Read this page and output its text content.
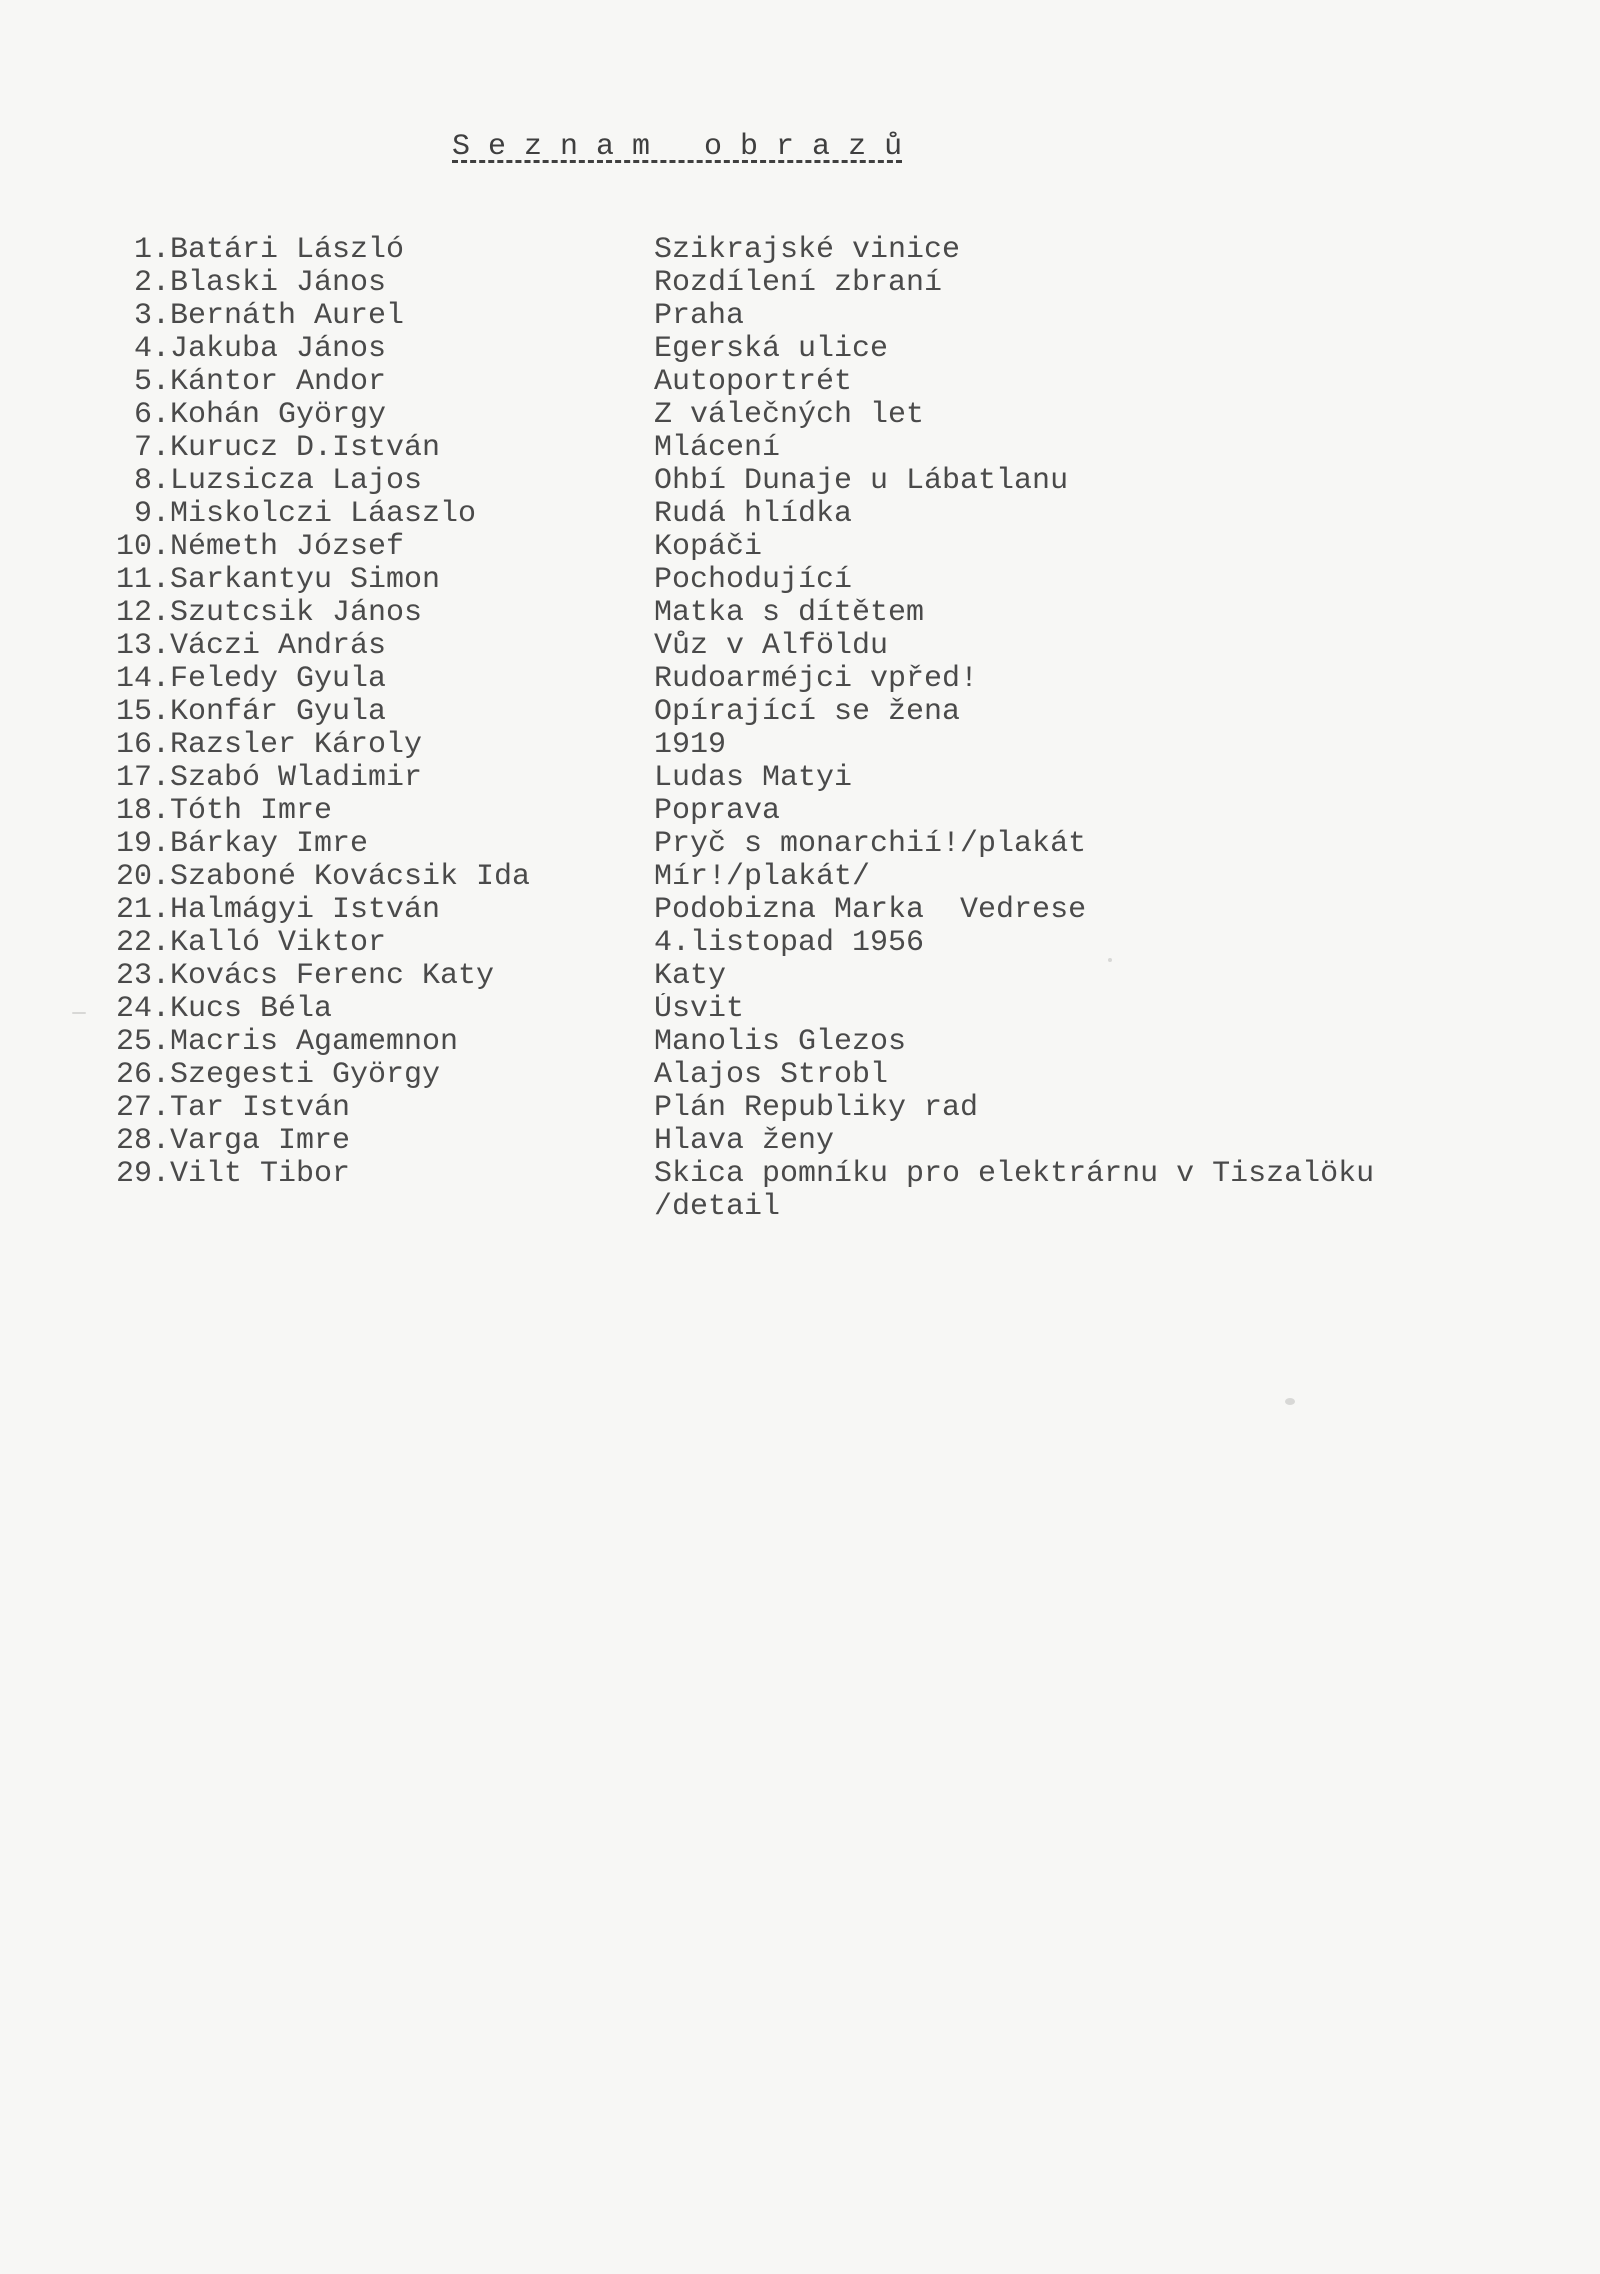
S e z n a m   o b r a z ů
1. Batári László	Szikrajské vinice
2. Blaski János	Rozdílení zbraní
3. Bernáth Aurel	Praha
4. Jakuba János	Egerská ulice
5. Kántor Andor	Autoportrét
6. Kohán György	Z válečných let
7. Kurucz D.István	Mlácení
8. Luzsicza Lajos	Ohbí Dunaje u Lábatlanu
9. Miskolczi Láaszlo	Rudá hlídka
10. Németh József	Kopáči
11. Sarkantyu Simon	Pochodující
12. Szutcsik János	Matka s dítětem
13. Váczi András	Vůz v Alföldu
14. Feledy Gyula	Rudoarméjci vpřed!
15. Konfár Gyula	Opírající se žena
16. Razsler Károly	1919
17. Szabó Wladimir	Ludas Matyi
18. Tóth Imre	Poprava
19. Bárkay Imre	Pryč s monarchií!/plakát
20. Szaboné Kovácsik Ida	Mír!/plakát/
21. Halmágyi István	Podobizna Marka  Vedrese
22. Kalló Viktor	4.listopad 1956
23. Kovács Ferenc Katy	Katy
24. Kucs Béla	Úsvit
25. Macris Agamemnon	Manolis Glezos
26. Szegesti György	Alajos Strobl
27. Tar István	Plán Republiky rad
28. Varga Imre	Hlava ženy
29. Vilt Tibor	Skica pomníku pro elektrárnu v Tiszalöku
/detail
